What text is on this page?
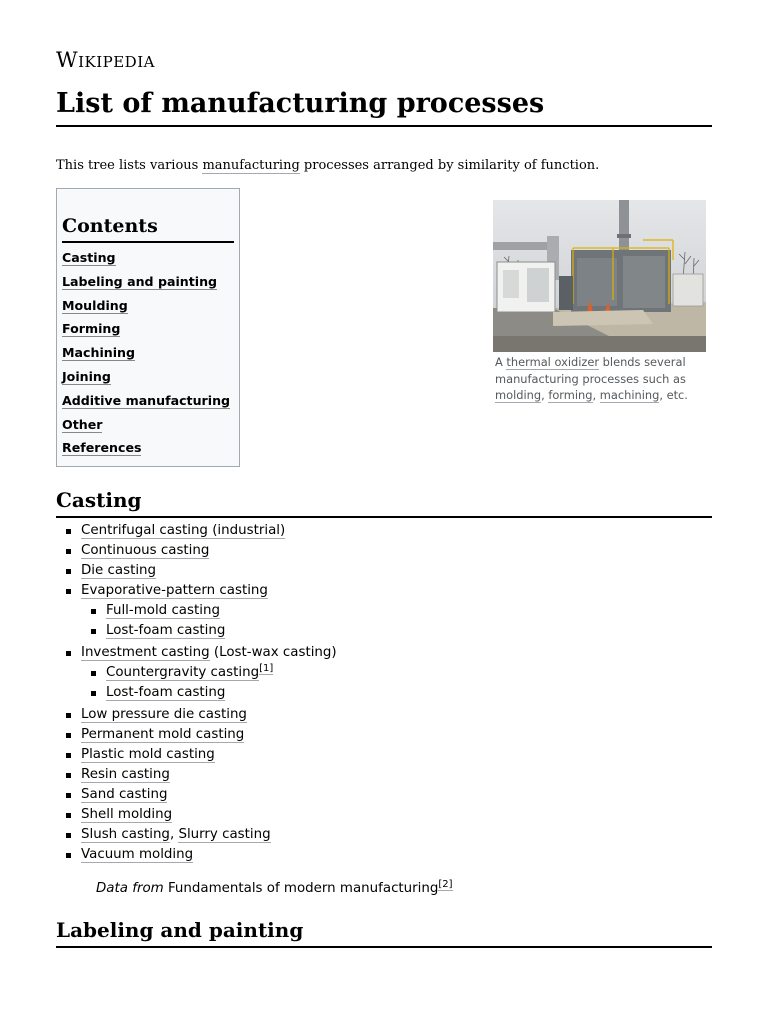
Wikipedia
List of manufacturing processes

This tree lists various manufacturing processes arranged by similarity of function.

Contents
Casting
Labeling and painting
Moulding
Forming
Machining
Joining
Additive manufacturing
Other
References
A thermal oxidizer blends several manufacturing processes such as molding, forming, machining, etc.
Casting
Centrifugal casting (industrial)
Continuous casting
Die casting
Evaporative-pattern casting
Full-mold casting
Lost-foam casting
Investment casting (Lost-wax casting)
Countergravity casting[1]
Lost-foam casting
Low pressure die casting
Permanent mold casting
Plastic mold casting
Resin casting
Sand casting
Shell molding
Slush casting, Slurry casting
Vacuum molding
Data from Fundamentals of modern manufacturing[2]
Labeling and painting
